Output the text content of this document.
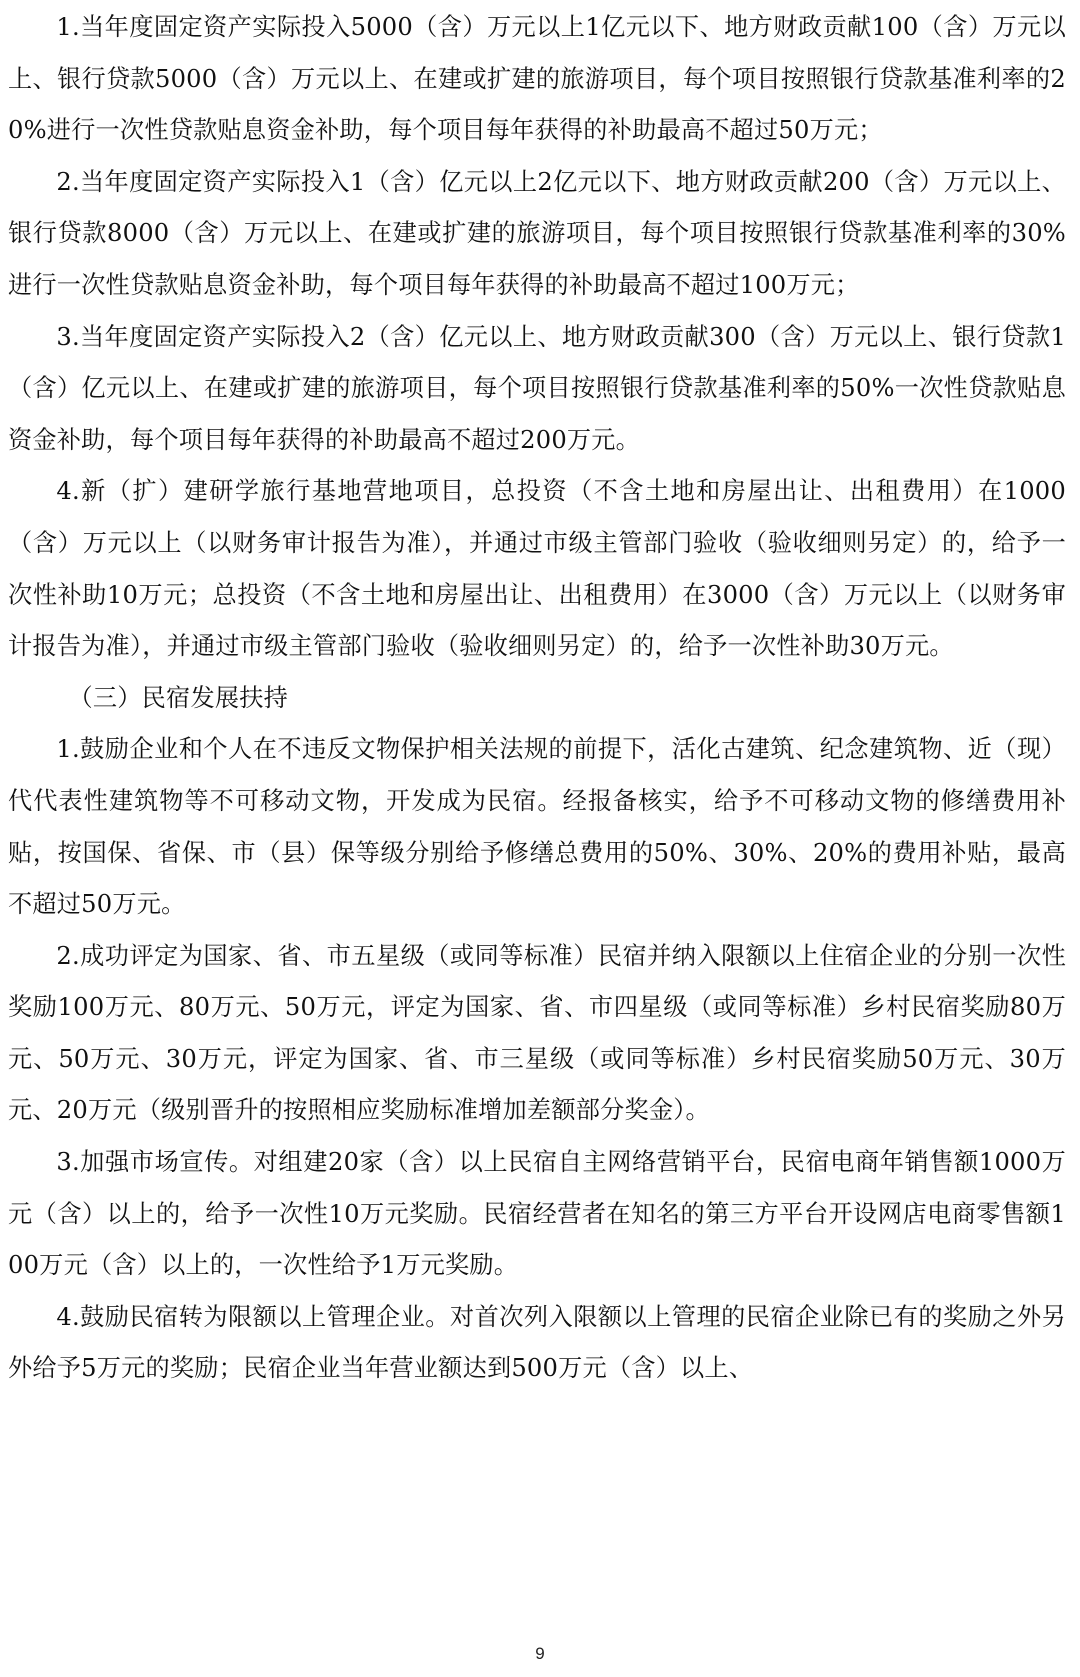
1.当年度固定资产实际投入5000（含）万元以上1亿元以下、地方财政贡献100（含）万元以上、银行贷款5000（含）万元以上、在建或扩建的旅游项目，每个项目按照银行贷款基准利率的20%进行一次性贷款贴息资金补助，每个项目每年获得的补助最高不超过50万元；

2.当年度固定资产实际投入1（含）亿元以上2亿元以下、地方财政贡献200（含）万元以上、银行贷款8000（含）万元以上、在建或扩建的旅游项目，每个项目按照银行贷款基准利率的30%进行一次性贷款贴息资金补助，每个项目每年获得的补助最高不超过100万元；

3.当年度固定资产实际投入2（含）亿元以上、地方财政贡献300（含）万元以上、银行贷款1（含）亿元以上、在建或扩建的旅游项目，每个项目按照银行贷款基准利率的50%一次性贷款贴息资金补助，每个项目每年获得的补助最高不超过200万元。

4.新（扩）建研学旅行基地营地项目，总投资（不含土地和房屋出让、出租费用）在1000（含）万元以上（以财务审计报告为准），并通过市级主管部门验收（验收细则另定）的，给予一次性补助10万元；总投资（不含土地和房屋出让、出租费用）在3000（含）万元以上（以财务审计报告为准），并通过市级主管部门验收（验收细则另定）的，给予一次性补助30万元。

（三）民宿发展扶持

1.鼓励企业和个人在不违反文物保护相关法规的前提下，活化古建筑、纪念建筑物、近（现）代代表性建筑物等不可移动文物，开发成为民宿。经报备核实，给予不可移动文物的修缮费用补贴，按国保、省保、市（县）保等级分别给予修缮总费用的50%、30%、20%的费用补贴，最高不超过50万元。

2.成功评定为国家、省、市五星级（或同等标准）民宿并纳入限额以上住宿企业的分别一次性奖励100万元、80万元、50万元，评定为国家、省、市四星级（或同等标准）乡村民宿奖励80万元、50万元、30万元，评定为国家、省、市三星级（或同等标准）乡村民宿奖励50万元、30万元、20万元（级别晋升的按照相应奖励标准增加差额部分奖金）。

3.加强市场宣传。对组建20家（含）以上民宿自主网络营销平台，民宿电商年销售额1000万元（含）以上的，给予一次性10万元奖励。民宿经营者在知名的第三方平台开设网店电商零售额100万元（含）以上的，一次性给予1万元奖励。

4.鼓励民宿转为限额以上管理企业。对首次列入限额以上管理的民宿企业除已有的奖励之外另外给予5万元的奖励；民宿企业当年营业额达到500万元（含）以上、

9
